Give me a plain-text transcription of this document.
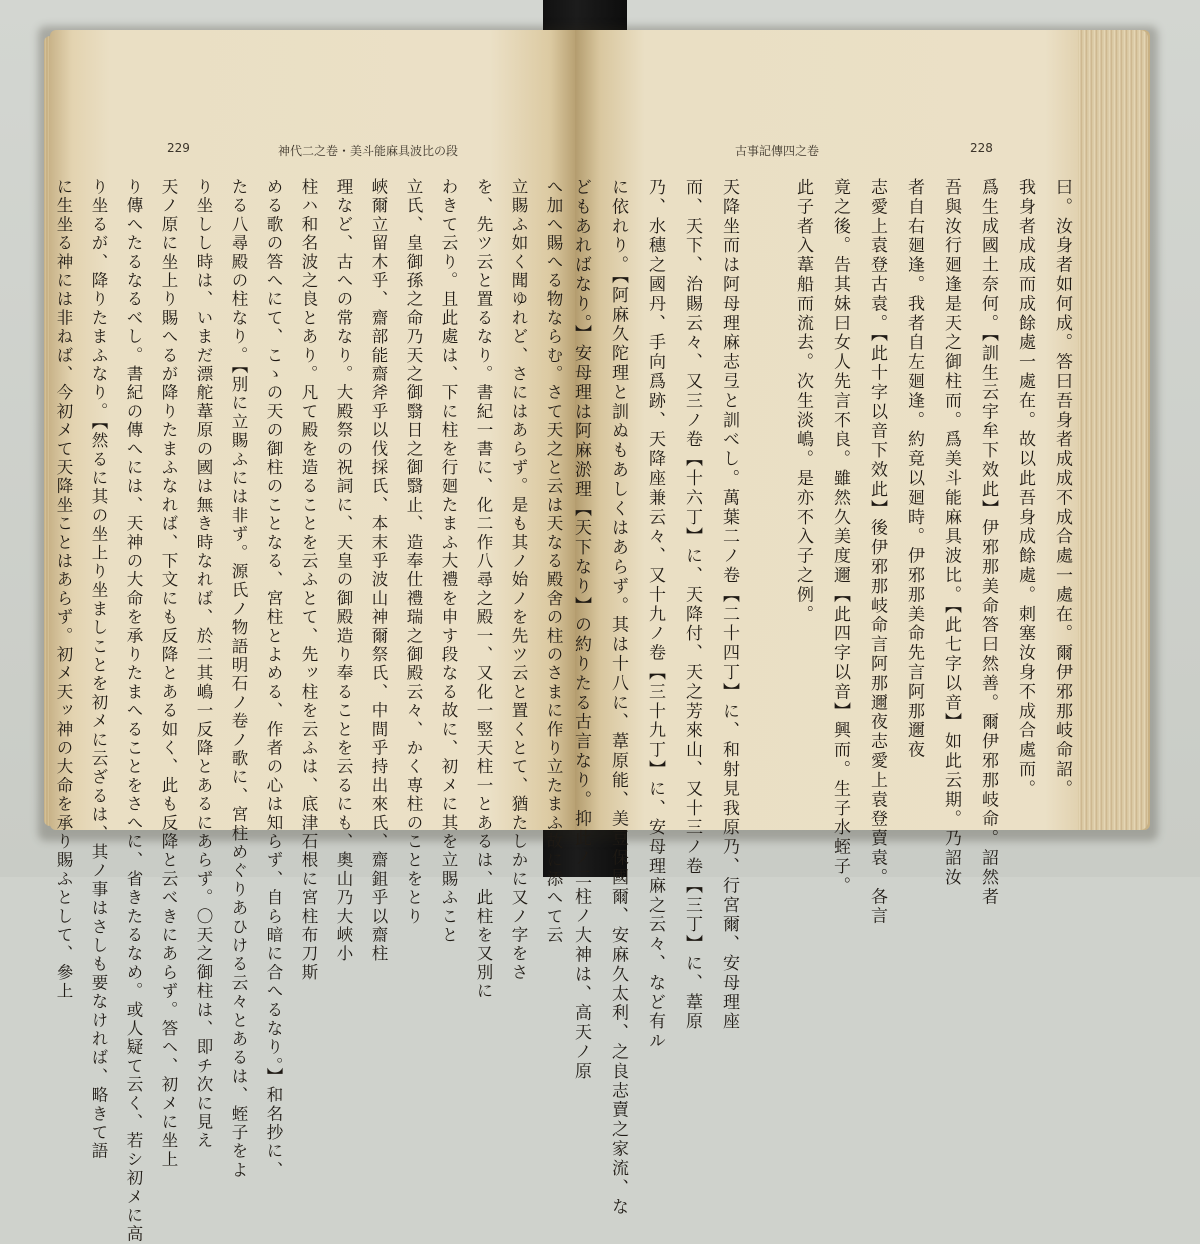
229	神代二之卷・美斗能麻具波比の段
へ加へ賜へる物ならむ。さて天之と云は天なる殿舍の柱のさまに作り立たまふ故に添へて云
立賜ふ如く聞ゆれど、さにはあらず。是も其ノ始ノを先ツ云と置くとて、猶たしかに又ノ字をさ
を、先ツ云と置るなり。書紀一書に、化二作八尋之殿一、又化一竪天柱一とあるは、此柱を又別に
わきて云り。且此處は、下に柱を行廻たまふ大禮を申す段なる故に、初メに其を立賜ふこと
立氏、皇御孫之命乃天之御翳日之御翳止、造奉仕禮瑞之御殿云々、かく専柱のことをとり
峽爾立留木乎、齋部能齋斧乎以伐採氏、本末乎波山神爾祭氏、中間乎持出來氏、齋鉏乎以齋柱
理など、古への常なり。大殿祭の祝詞に、天皇の御殿造り奉ることを云るにも、奧山乃大峽小
柱ハ和名波之良とあり。凡て殿を造ることを云ふとて、先ッ柱を云ふは、底津石根に宮柱布刀斯
める歌の答へにて、こゝの天の御柱のことなる、宮柱とよめる、作者の心は知らず、自ら暗に合へるなり。】和名抄に、
たる八尋殿の柱なり。【別に立賜ふには非ず。源氏ノ物語明石ノ卷ノ歌に、宮柱めぐりあひける云々とあるは、蛭子をよ
り坐しし時は、いまだ漂舵葦原の國は無き時なれば、於二其嶋一反降とあるにあらず。〇天之御柱は、即チ次に見え
天ノ原に坐上り賜へるが降りたまふなれば、下文にも反降とある如く、此も反降と云べきにあらず。答ヘ、初メに坐上
り傳へたるなるべし。書紀の傳へには、天神の大命を承りたまへることをさへに、省きたるなめ。或人疑て云く、若シ初メに高
り坐るが、降りたまふなり。【然るに其の坐上り坐ましことを初メに云ざるは、其ノ事はさしも要なければ、略きて語
に生坐る神には非ねば、今初メて天降坐ことはあらず。初メ天ッ神の大命を承り賜ふとして、參上
古事記傳四之卷	228
曰。汝身者如何成。答曰吾身者成成不成合處一處在。爾伊邪那岐命詔。
我身者成成而成餘處一處在。故以此吾身成餘處。刺塞汝身不成合處而。
爲生成國土奈何。【訓生云宇牟下效此】伊邪那美命答曰然善。爾伊邪那岐命。詔然者
吾與汝行廻逢是天之御柱而。爲美斗能麻具波比。【此七字以音】如此云期。乃詔汝
者自右廻逢。我者自左廻逢。約竟以廻時。伊邪那美命先言阿那邇夜
志愛上袁登古袁。【此十字以音下效此】後伊邪那岐命言阿那邇夜志愛上袁登賣袁。各言
竟之後。告其妹曰女人先言不良。雖然久美度邇【此四字以音】興而。生子水蛭子。
此子者入葦船而流去。次生淡嶋。是亦不入子之例。

天降坐而は阿母理麻志弖と訓べし。萬葉二ノ卷【二十四丁】に、和射見我原乃、行宮爾、安母理座
而、天下、治賜云々、又三ノ卷【十六丁】に、天降付、天之芳來山、又十三ノ卷【三丁】に、葦原
乃、水穗之國丹、手向爲跡、天降座兼云々、又十九ノ卷【三十九丁】に、安母理麻之云々、など有ル
に依れり。【阿麻久陀理と訓ぬもあしくはあらず。其は十八に、葦原能、美豆保國爾、安麻久太利、之良志賣之家流、な
どもあればなり。】安母理は阿麻淤理【天下なり】の約りたる古言なり。抑此ノ二柱ノ大神は、高天ノ原
